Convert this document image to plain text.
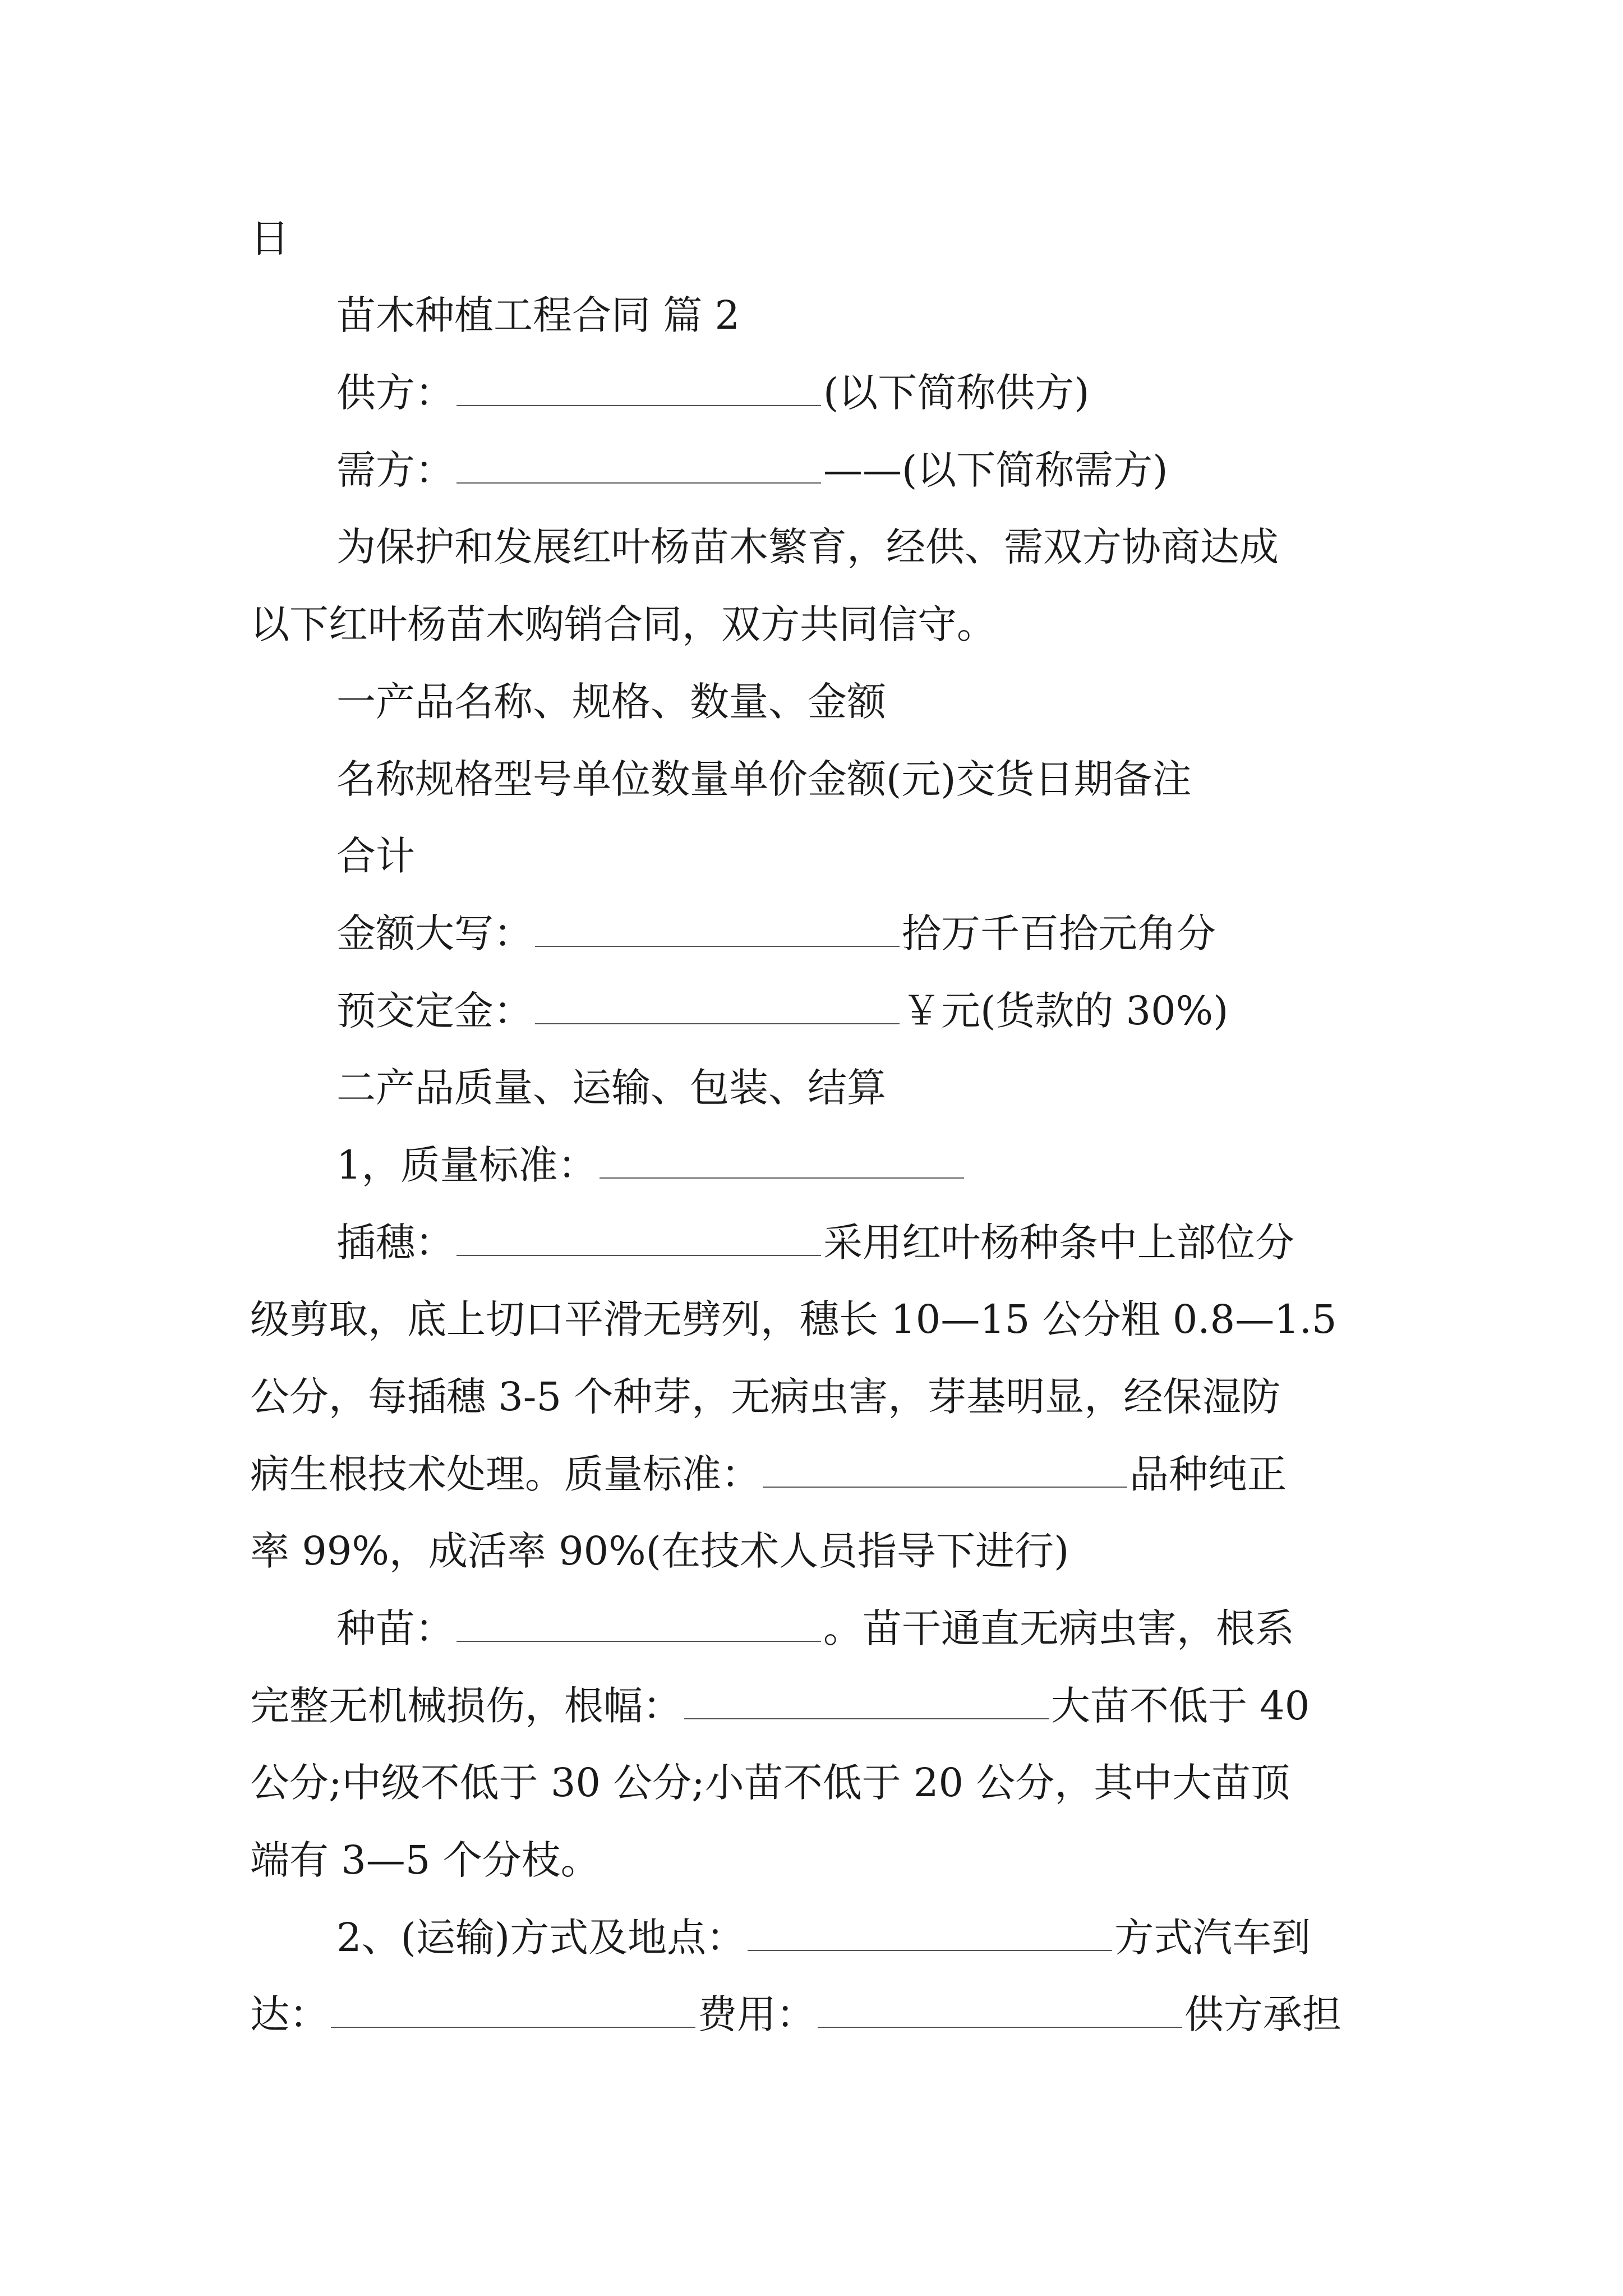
日
苗木种植工程合同 篇 2
供方：	(以下简称供方)
需方：	——(以下简称需方)
为保护和发展红叶杨苗木繁育，经供、需双方协商达成
以下红叶杨苗木购销合同，双方共同信守。
一产品名称、规格、数量、金额
名称规格型号单位数量单价金额(元)交货日期备注
合计
金额大写：	拾万千百拾元角分
预交定金：	￥元(货款的 30%)
二产品质量、运输、包装、结算
1，质量标准：
插穗：	采用红叶杨种条中上部位分
级剪取，底上切口平滑无劈列，穗长 10—15 公分粗 0.8—1.5
公分，每插穗 3-5 个种芽，无病虫害，芽基明显，经保湿防
病生根技术处理。质量标准：	品种纯正
率 99%，成活率 90%(在技术人员指导下进行)
种苗：	。苗干通直无病虫害，根系
完整无机械损伤，根幅：	大苗不低于 40
公分;中级不低于 30 公分;小苗不低于 20 公分，其中大苗顶
端有 3—5 个分枝。
2、(运输)方式及地点：	方式汽车到
达：	费用：	供方承担
